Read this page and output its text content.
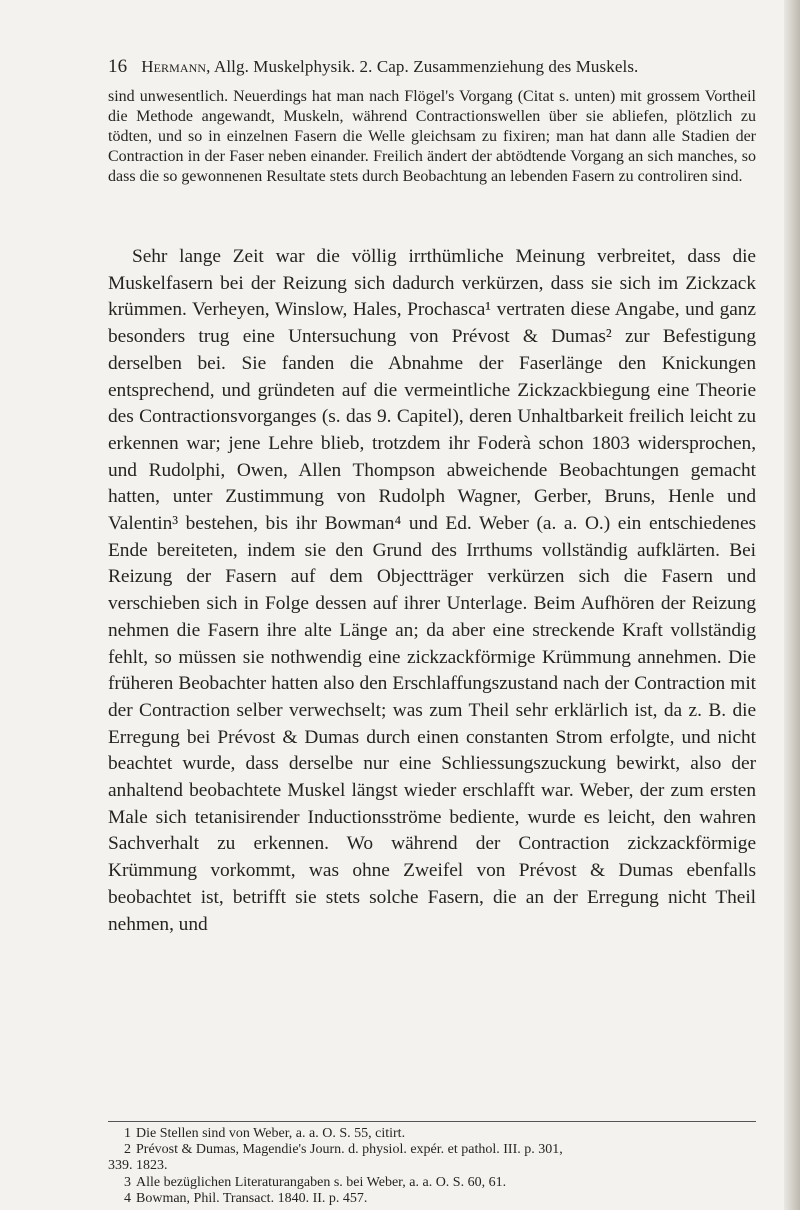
16 Hermann, Allg. Muskelphysik. 2. Cap. Zusammenziehung des Muskels.

sind unwesentlich. Neuerdings hat man nach Flögel's Vorgang (Citat s. unten) mit grossem Vortheil die Methode angewandt, Muskeln, während Contractionswellen über sie abliefen, plötzlich zu tödten, und so in einzelnen Fasern die Welle gleichsam zu fixiren; man hat dann alle Stadien der Contraction in der Faser neben einander. Freilich ändert der abtödtende Vorgang an sich manches, so dass die so gewonnenen Resultate stets durch Beobachtung an lebenden Fasern zu controliren sind.

Sehr lange Zeit war die völlig irrthümliche Meinung verbreitet, dass die Muskelfasern bei der Reizung sich dadurch verkürzen, dass sie sich im Zickzack krümmen. Verheyen, Winslow, Hales, Prochasca¹ vertraten diese Angabe, und ganz besonders trug eine Untersuchung von Prévost & Dumas² zur Befestigung derselben bei. Sie fanden die Abnahme der Faserlänge den Knickungen entsprechend, und gründeten auf die vermeintliche Zickzackbiegung eine Theorie des Contractionsvorganges (s. das 9. Capitel), deren Unhaltbarkeit freilich leicht zu erkennen war; jene Lehre blieb, trotzdem ihr Foderà schon 1803 widersprochen, und Rudolphi, Owen, Allen Thompson abweichende Beobachtungen gemacht hatten, unter Zustimmung von Rudolph Wagner, Gerber, Bruns, Henle und Valentin³ bestehen, bis ihr Bowman⁴ und Ed. Weber (a. a. O.) ein entschiedenes Ende bereiteten, indem sie den Grund des Irrthums vollständig aufklärten. Bei Reizung der Fasern auf dem Objectträger verkürzen sich die Fasern und verschieben sich in Folge dessen auf ihrer Unterlage. Beim Aufhören der Reizung nehmen die Fasern ihre alte Länge an; da aber eine streckende Kraft vollständig fehlt, so müssen sie nothwendig eine zickzackförmige Krümmung annehmen. Die früheren Beobachter hatten also den Erschlaffungszustand nach der Contraction mit der Contraction selber verwechselt; was zum Theil sehr erklärlich ist, da z. B. die Erregung bei Prévost & Dumas durch einen constanten Strom erfolgte, und nicht beachtet wurde, dass derselbe nur eine Schliessungszuckung bewirkt, also der anhaltend beobachtete Muskel längst wieder erschlafft war. Weber, der zum ersten Male sich tetanisirender Inductionsströme bediente, wurde es leicht, den wahren Sachverhalt zu erkennen. Wo während der Contraction zickzackförmige Krümmung vorkommt, was ohne Zweifel von Prévost & Dumas ebenfalls beobachtet ist, betrifft sie stets solche Fasern, die an der Erregung nicht Theil nehmen, und

1 Die Stellen sind von Weber, a. a. O. S. 55, citirt.

2 Prévost & Dumas, Magendie's Journ. d. physiol. expér. et pathol. III. p. 301,

339. 1823.

3 Alle bezüglichen Literaturangaben s. bei Weber, a. a. O. S. 60, 61.

4 Bowman, Phil. Transact. 1840. II. p. 457.
